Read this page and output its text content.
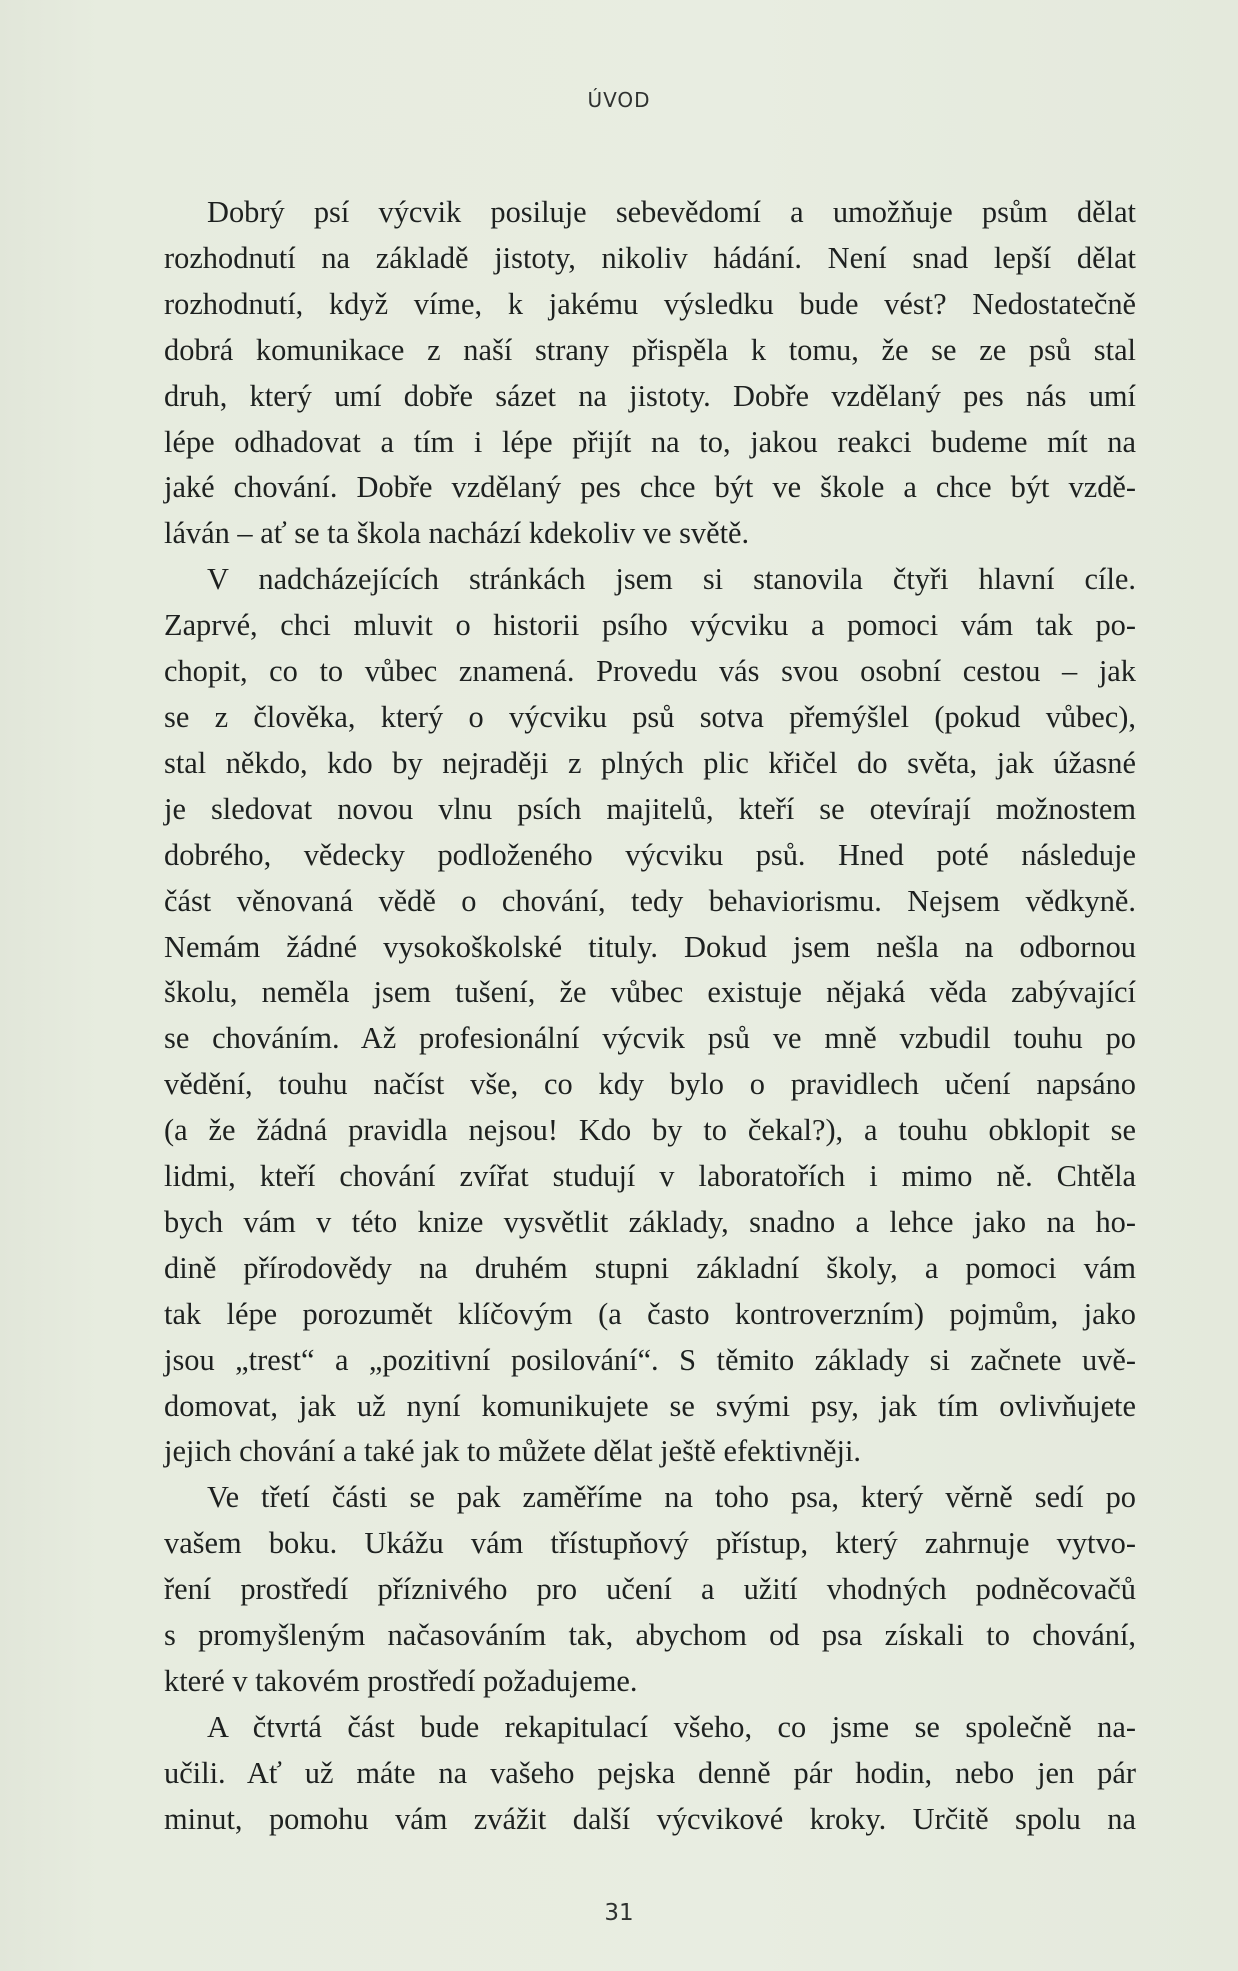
ÚVOD
Dobrý psí výcvik posiluje sebevědomí a umožňuje psům dělat
rozhodnutí na základě jistoty, nikoliv hádání. Není snad lepší dělat
rozhodnutí, když víme, k jakému výsledku bude vést? Nedostatečně
dobrá komunikace z naší strany přispěla k tomu, že se ze psů stal
druh, který umí dobře sázet na jistoty. Dobře vzdělaný pes nás umí
lépe odhadovat a tím i lépe přijít na to, jakou reakci budeme mít na
jaké chování. Dobře vzdělaný pes chce být ve škole a chce být vzdě-
láván – ať se ta škola nachází kdekoliv ve světě.
V nadcházejících stránkách jsem si stanovila čtyři hlavní cíle.
Zaprvé, chci mluvit o historii psího výcviku a pomoci vám tak po-
chopit, co to vůbec znamená. Provedu vás svou osobní cestou – jak
se z člověka, který o výcviku psů sotva přemýšlel (pokud vůbec),
stal někdo, kdo by nejraději z plných plic křičel do světa, jak úžasné
je sledovat novou vlnu psích majitelů, kteří se otevírají možnostem
dobrého, vědecky podloženého výcviku psů. Hned poté následuje
část věnovaná vědě o chování, tedy behaviorismu. Nejsem vědkyně.
Nemám žádné vysokoškolské tituly. Dokud jsem nešla na odbornou
školu, neměla jsem tušení, že vůbec existuje nějaká věda zabývající
se chováním. Až profesionální výcvik psů ve mně vzbudil touhu po
vědění, touhu načíst vše, co kdy bylo o pravidlech učení napsáno
(a že žádná pravidla nejsou! Kdo by to čekal?), a touhu obklopit se
lidmi, kteří chování zvířat studují v laboratořích i mimo ně. Chtěla
bych vám v této knize vysvětlit základy, snadno a lehce jako na ho-
dině přírodovědy na druhém stupni základní školy, a pomoci vám
tak lépe porozumět klíčovým (a často kontroverzním) pojmům, jako
jsou „trest“ a „pozitivní posilování“. S těmito základy si začnete uvě-
domovat, jak už nyní komunikujete se svými psy, jak tím ovlivňujete
jejich chování a také jak to můžete dělat ještě efektivněji.
Ve třetí části se pak zaměříme na toho psa, který věrně sedí po
vašem boku. Ukážu vám třístupňový přístup, který zahrnuje vytvo-
ření prostředí příznivého pro učení a užití vhodných podněcovačů
s promyšleným načasováním tak, abychom od psa získali to chování,
které v takovém prostředí požadujeme.
A čtvrtá část bude rekapitulací všeho, co jsme se společně na-
učili. Ať už máte na vašeho pejska denně pár hodin, nebo jen pár
minut, pomohu vám zvážit další výcvikové kroky. Určitě spolu na
31
